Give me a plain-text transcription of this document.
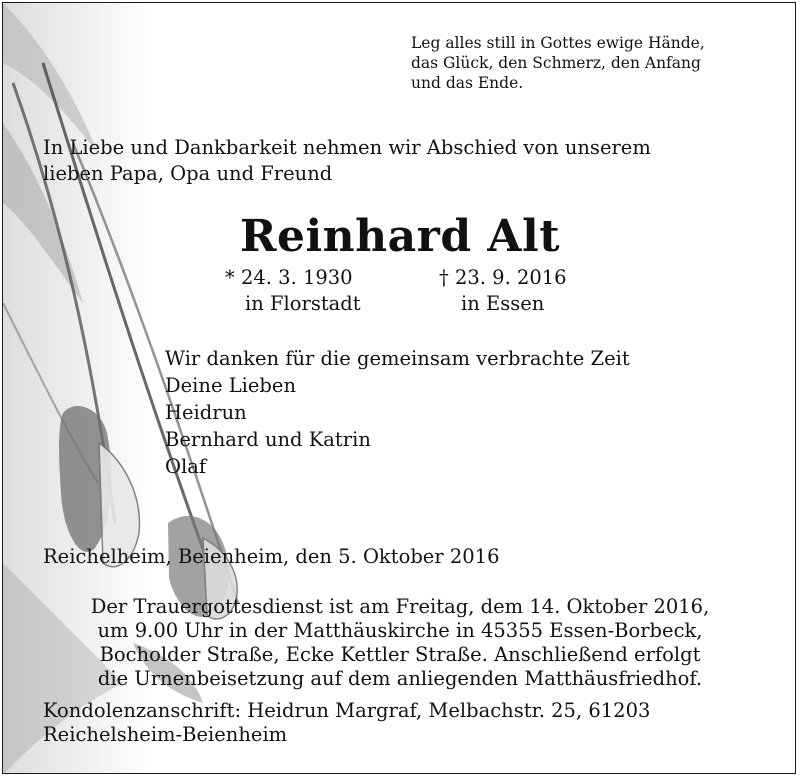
Leg alles still in Gottes ewige Hände,
das Glück, den Schmerz, den Anfang
und das Ende.
In Liebe und Dankbarkeit nehmen wir Abschied von unserem
lieben Papa, Opa und Freund
Reinhard Alt
* 24. 3. 1930
in Florstadt
† 23. 9. 2016
in Essen
Wir danken für die gemeinsam verbrachte Zeit
Deine Lieben
Heidrun
Bernhard und Katrin
Olaf
Reichelheim, Beienheim, den 5. Oktober 2016
Der Trauergottesdienst ist am Freitag, dem 14. Oktober 2016,
um 9.00 Uhr in der Matthäuskirche in 45355 Essen-Borbeck,
Bocholder Straße, Ecke Kettler Straße. Anschließend erfolgt
die Urnenbeisetzung auf dem anliegenden Matthäusfriedhof.
Kondolenzanschrift: Heidrun Margraf, Melbachstr. 25, 61203
Reichelsheim-Beienheim
